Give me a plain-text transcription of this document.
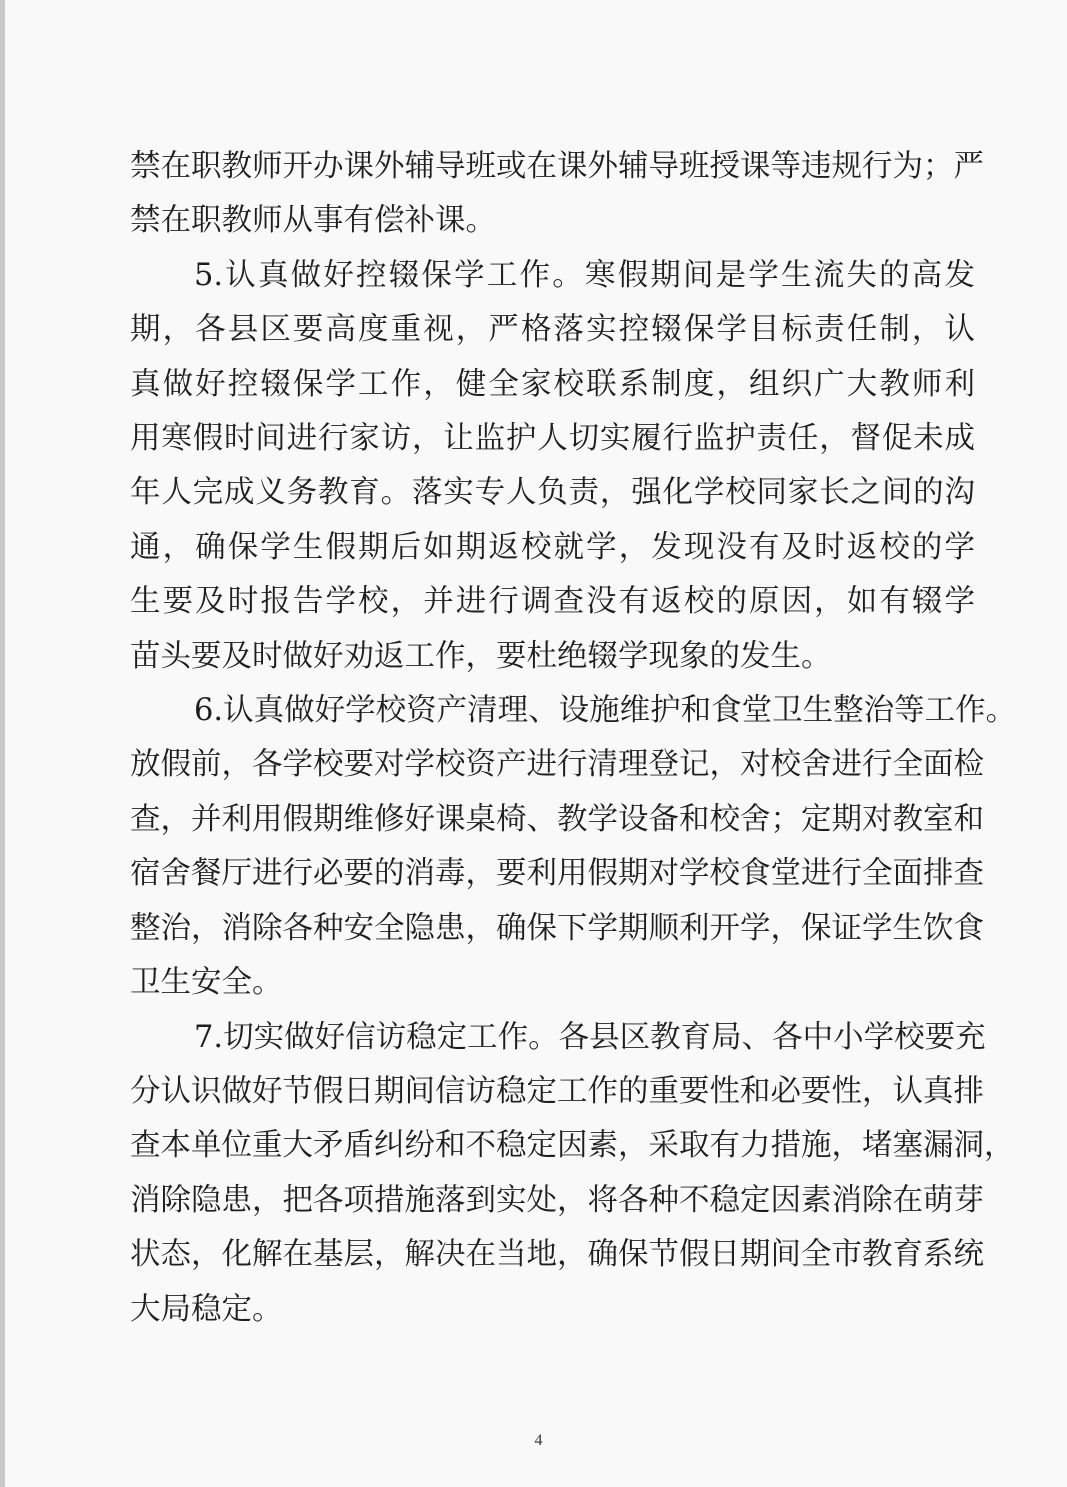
禁在职教师开办课外辅导班或在课外辅导班授课等违规行为；严
禁在职教师从事有偿补课。

5.认真做好控辍保学工作。寒假期间是学生流失的高发
期，各县区要高度重视，严格落实控辍保学目标责任制，认
真做好控辍保学工作，健全家校联系制度，组织广大教师利
用寒假时间进行家访，让监护人切实履行监护责任，督促未成
年人完成义务教育。落实专人负责，强化学校同家长之间的沟
通，确保学生假期后如期返校就学，发现没有及时返校的学
生要及时报告学校，并进行调查没有返校的原因，如有辍学
苗头要及时做好劝返工作，要杜绝辍学现象的发生。

6.认真做好学校资产清理、设施维护和食堂卫生整治等工作。
放假前，各学校要对学校资产进行清理登记，对校舍进行全面检
查，并利用假期维修好课桌椅、教学设备和校舍；定期对教室和
宿舍餐厅进行必要的消毒，要利用假期对学校食堂进行全面排查
整治，消除各种安全隐患，确保下学期顺利开学，保证学生饮食
卫生安全。

7.切实做好信访稳定工作。各县区教育局、各中小学校要充
分认识做好节假日期间信访稳定工作的重要性和必要性，认真排
查本单位重大矛盾纠纷和不稳定因素，采取有力措施，堵塞漏洞，
消除隐患，把各项措施落到实处，将各种不稳定因素消除在萌芽
状态，化解在基层，解决在当地，确保节假日期间全市教育系统
大局稳定。

4
